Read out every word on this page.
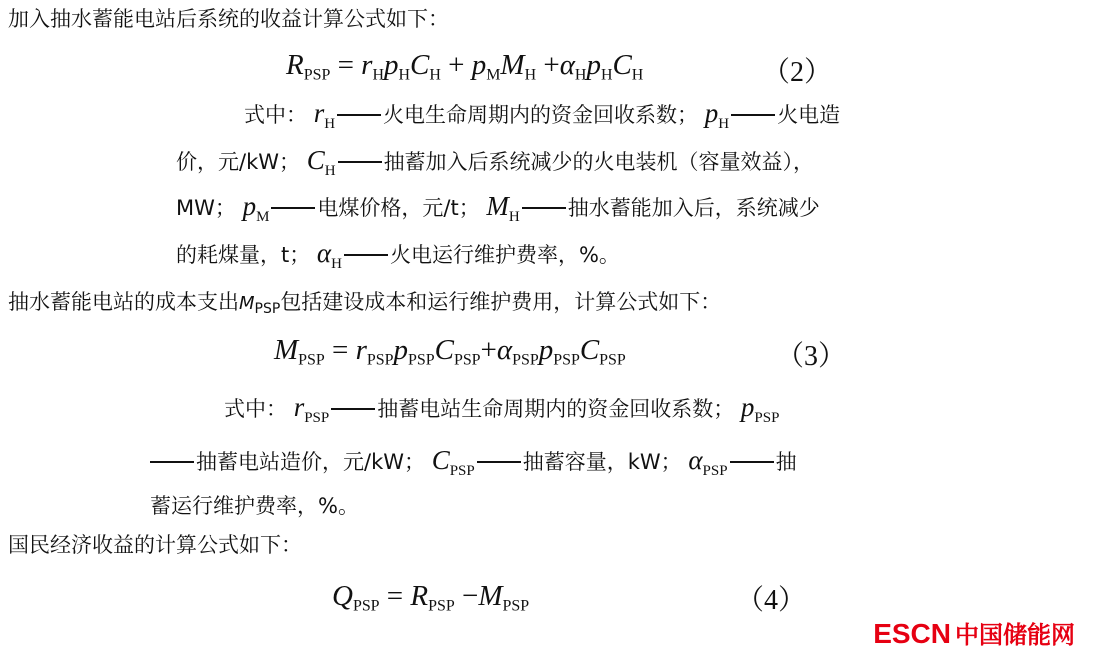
加入抽水蓄能电站后系统的收益计算公式如下：
$R_{PSP} = r_Hp_HC_H + p_MM_H +\alpha_Hp_HC_H$	（2）
式中： $r_H$ 火电生命周期内的资金回收系数； $p_H$ 火电造
价，元/kW； $C_H$ 抽蓄加入后系统减少的火电装机（容量效益），
MW； $p_M$ 电煤价格，元/t； $M_H$ 抽水蓄能加入后，系统减少
的耗煤量，t； $\alpha_H$ 火电运行维护费率，%。
抽水蓄能电站的成本支出MPSP包括建设成本和运行维护费用，计算公式如下：
$M_{PSP} = r_{PSP}p_{PSP}C_{PSP}+\alpha_{PSP}p_{PSP}C_{PSP}$	（3）
式中： $r_{PSP}$ 抽蓄电站生命周期内的资金回收系数； $p_{PSP}$
抽蓄电站造价，元/kW； $C_{PSP}$ 抽蓄容量，kW； $\alpha_{PSP}$ 抽
蓄运行维护费率，%。
国民经济收益的计算公式如下：
$Q_{PSP} = R_{PSP} -M_{PSP}$	（4）
ESCN 中国储能网
